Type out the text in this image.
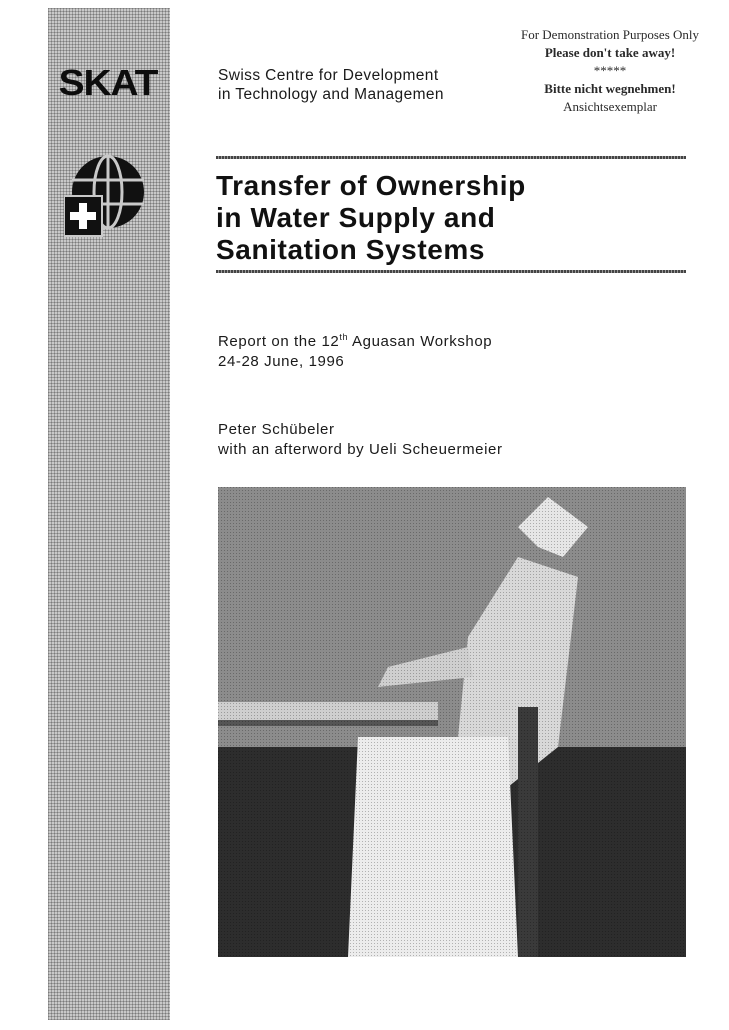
SKAT
For Demonstration Purposes Only
Please don't take away!
*****
Bitte nicht wegnehmen!
Ansichtsexemplar
Swiss Centre for Development
in Technology and Managemen
Transfer of Ownership
in Water Supply and
Sanitation Systems
Report on the 12th Aguasan Workshop
24-28 June, 1996
Peter Schübeler
with an afterword by Ueli Scheuermeier
